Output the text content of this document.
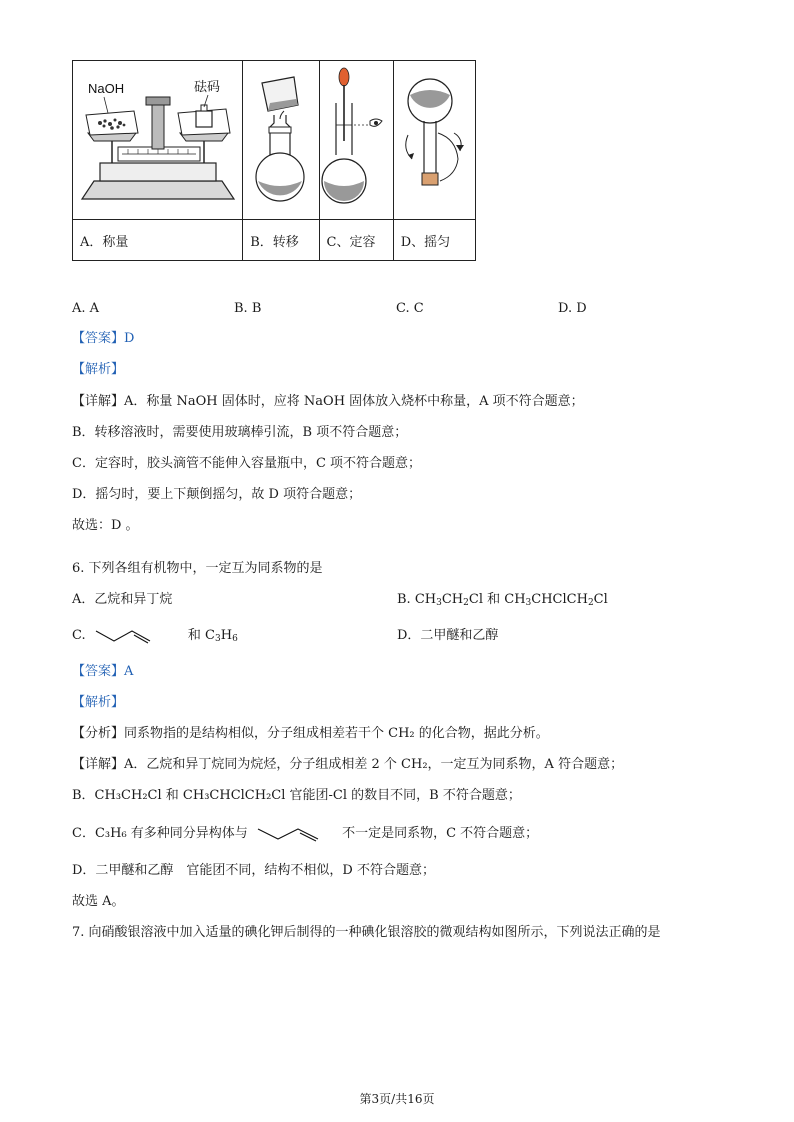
NaOH 砝码

A．称量	B．转移	C、定容	D、摇匀
A. A	B. B	C. C	D. D
【答案】D
【解析】
【详解】A．称量 NaOH 固体时，应将 NaOH 固体放入烧杯中称量，A 项不符合题意；
B．转移溶液时，需要使用玻璃棒引流，B 项不符合题意；
C．定容时，胶头滴管不能伸入容量瓶中，C 项不符合题意；
D．摇匀时，要上下颠倒摇匀，故 D 项符合题意；
故选：D 。
6. 下列各组有机物中，一定互为同系物的是
A．乙烷和异丁烷	B. $CH_3CH_2Cl$ 和 $CH_3CHClCH_2Cl$
C.	和 $C_3H_6$	D．二甲醚和乙醇
【答案】A
【解析】
【分析】同系物指的是结构相似，分子组成相差若干个 CH₂ 的化合物，据此分析。
【详解】A．乙烷和异丁烷同为烷烃，分子组成相差 2 个 CH₂，一定互为同系物，A 符合题意；
B．CH₃CH₂Cl 和 CH₃CHClCH₂Cl 官能团-Cl 的数目不同，B 不符合题意；
C．C₃H₆ 有多种同分异构体与	不一定是同系物，C 不符合题意；
D．二甲醚和乙醇　官能团不同，结构不相似，D 不符合题意；
故选 A。
7. 向硝酸银溶液中加入适量的碘化钾后制得的一种碘化银溶胶的微观结构如图所示，下列说法正确的是
第3页/共16页
